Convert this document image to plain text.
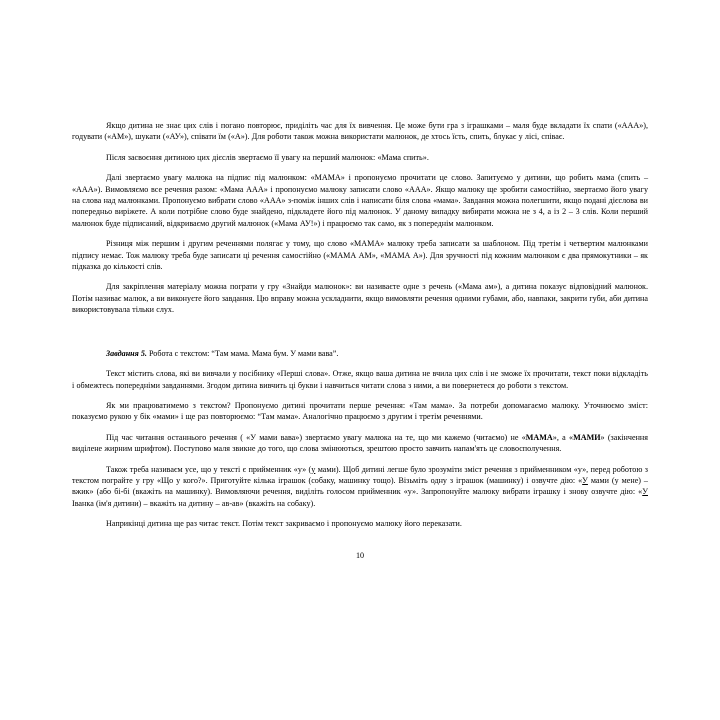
Якщо дитина не знає цих слів і погано повторює, приділіть час для їх вивчення. Це може бути гра з іграшками – маля буде вкладати їх спати («ААА»), годувати («АМ»), шукати («АУ»), співати їм («А»). Для роботи також можна використати малюнок, де хтось їсть, спить, блукає у лісі, співає.

Після засвоєння дитиною цих дієслів звертаємо її увагу на перший малюнок: «Мама спить».

Далі звертаємо увагу малюка на підпис під малюнком: «МАМА» і пропонуємо прочитати це слово. Запитуємо у дитини, що робить мама (спить – «ААА»). Вимовляємо все речення разом: «Мама ААА» і пропонуємо малюку записати слово «ААА». Якщо малюку ще зробити самостійно, звертаємо його увагу на слова над малюнками. Пропонуємо вибрати слово «ААА» з-поміж інших слів і написати біля слова «мама». Завдання можна полегшити, якщо подані дієслова ви попередньо виріжете. А коли потрібне слово буде знайдено, підкладете його під малюнок. У даному випадку вибирати можна не з 4, а із 2 – 3 слів. Коли перший малюнок буде підписаний, відкриваємо другий малюнок («Мама АУ!») і працюємо так само, як з попереднім малюнком.

Різниця між першим і другим реченнями полягає у тому, що слово «МАМА» малюку треба записати за шаблоном. Під третім і четвертим малюнками підпису немає. Тож малюку треба буде записати ці речення самостійно («МАМА АМ», «МАМА А»). Для зручності під кожним малюнком є два прямокутники – як підказка до кількості слів.

Для закріплення матеріалу можна пограти у гру «Знайди малюнок»: ви називаєте одне з речень («Мама ам»), а дитина показує відповідний малюнок. Потім називає малюк, а ви виконуєте його завдання. Цю вправу можна ускладнити, якщо вимовляти речення одними губами, або, навпаки, закрити губи, аби дитина використовувала тільки слух.

Завдання 5. Робота с текстом: “Там мама. Мама бум. У мами вава”.

Текст містить слова, які ви вивчали у посібнику «Перші слова». Отже, якщо ваша дитина не вчила цих слів і не зможе їх прочитати, текст поки відкладіть і обмежтесь попередніми завданнями. Згодом дитина вивчить ці букви і навчиться читати слова з ними, а ви повернетеся до роботи з текстом.

Як ми працюватимемо з текстом? Пропонуємо дитині прочитати перше речення: «Там мама». За потреби допомагаємо малюку. Уточнюємо зміст: показуємо рукою у бік «мами» і ще раз повторюємо: “Там мама». Аналогічно працюємо з другим і третім реченнями.

Під час читання останнього речення ( «У мами вава») звертаємо увагу малюка на те, що ми кажемо (читаємо) не «МАМА», а «МАМИ» (закінчення виділене жирним шрифтом). Поступово маля звикне до того, що слова змінюються, зрештою просто завчить напам'ять це словосполучення.

Також треба називаєм усе, що у тексті є прийменник «у» (у мами). Щоб дитині легше було зрозуміти зміст речення з прийменником «у», перед роботою з текстом пограйте у гру «Що у кого?». Приготуйте кілька іграшок (собаку, машинку тощо). Візьміть одну з іграшок (машинку) і озвучте дію: «У мами (у мене) – вжик» (або бі-бі (вкажіть на машинку). Вимовляючи речення, виділіть голосом прийменник «у». Запропонуйте малюку вибрати іграшку і знову озвучте дію: «У Іванка (ім'я дитини) – вкажіть на дитину – ав-ав» (вкажіть на собаку).

Наприкінці дитина ще раз читає текст. Потім текст закриваємо і пропонуємо малюку його переказати.

10
